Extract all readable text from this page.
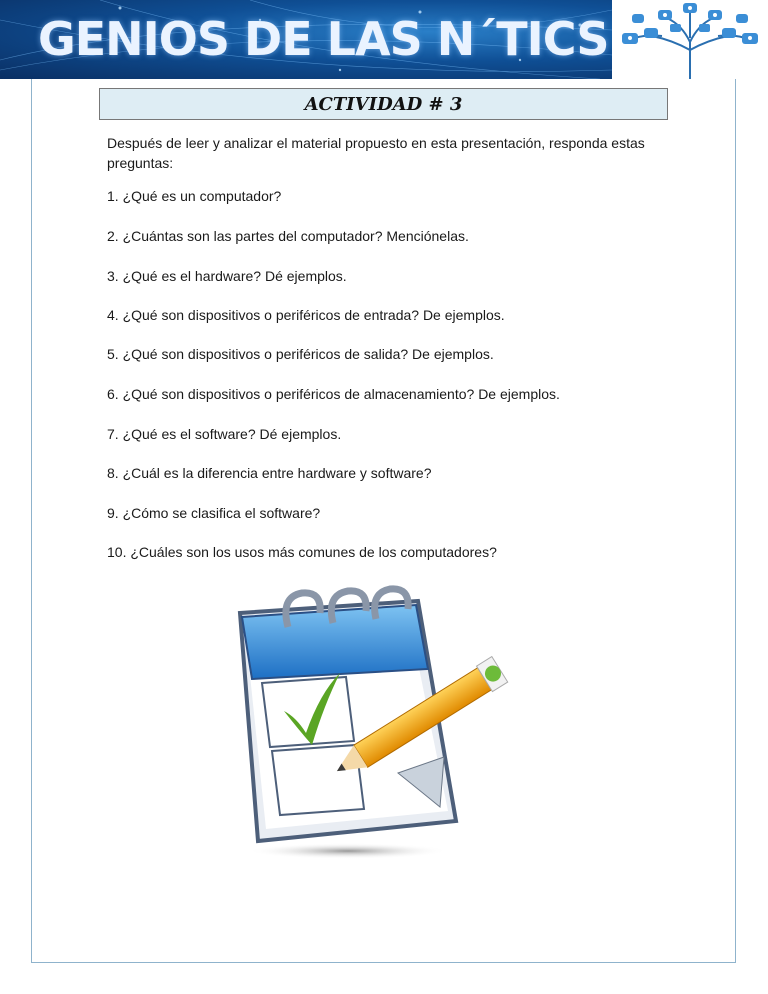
GENIOS DE LAS N´TICS
ACTIVIDAD # 3
Después de leer y analizar el material propuesto en esta presentación, responda estas preguntas:
1. ¿Qué es un computador?
2. ¿Cuántas son las partes del computador? Menciónelas.
3. ¿Qué es el hardware? Dé ejemplos.
4. ¿Qué son dispositivos o periféricos de entrada? De ejemplos.
5. ¿Qué son dispositivos o periféricos de salida? De ejemplos.
6. ¿Qué son dispositivos o periféricos de almacenamiento? De ejemplos.
7. ¿Qué es el software? Dé ejemplos.
8. ¿Cuál es la diferencia entre hardware y software?
9. ¿Cómo se clasifica el software?
10. ¿Cuáles son los usos más comunes de los computadores?
